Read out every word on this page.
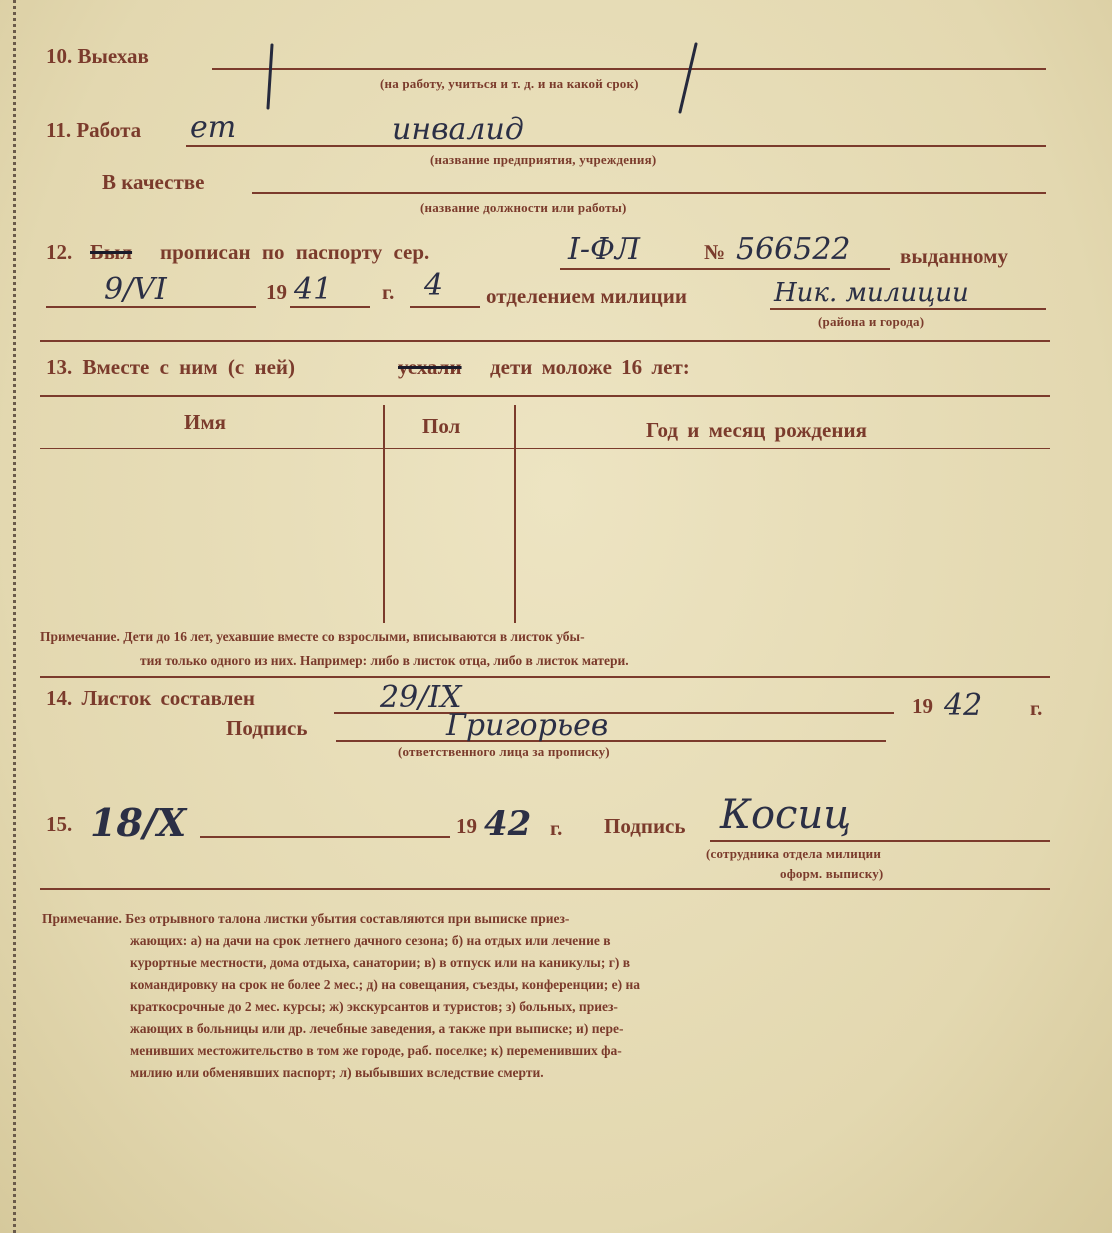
10. Выехав
(на работу, учиться и т. д. и на какой срок)
11. Работа ет	инвалид
(название предприятия, учреждения)
В качестве
(название должности или работы)
12. Был прописан по паспорту сер.	I-ФЛ	№ 566522 выданному
9/VI	19 41 г. 4 отделением милиции	Ник. милиции
(района и города)
13. Вместе с ним (с ней)	уехали дети моложе 16 лет:
Имя	Пол	Год и месяц рождения
Примечание. Дети до 16 лет, уехавшие вместе со взрослыми, вписываются в листок убы-
тия только одного из них. Например: либо в листок отца, либо в листок матери.
14. Листок составлен	29/IX	19 42 г.
Подпись	Григорьев
(ответственного лица за прописку)
15. 18/X	19 42 г. Подпись Косиц
(сотрудника отдела милиции
оформ. выписку)
Примечание. Без отрывного талона листки убытия составляются при выписке приез-
жающих: а) на дачи на срок летнего дачного сезона; б) на отдых или лечение в
курортные местности, дома отдыха, санатории; в) в отпуск или на каникулы; г) в
командировку на срок не более 2 мес.; д) на совещания, съезды, конференции; е) на
краткосрочные до 2 мес. курсы; ж) экскурсантов и туристов; з) больных, приез-
жающих в больницы или др. лечебные заведения, а также при выписке; и) пере-
менивших местожительство в том же городе, раб. поселке; к) переменивших фа-
милию или обменявших паспорт; л) выбывших вследствие смерти.
